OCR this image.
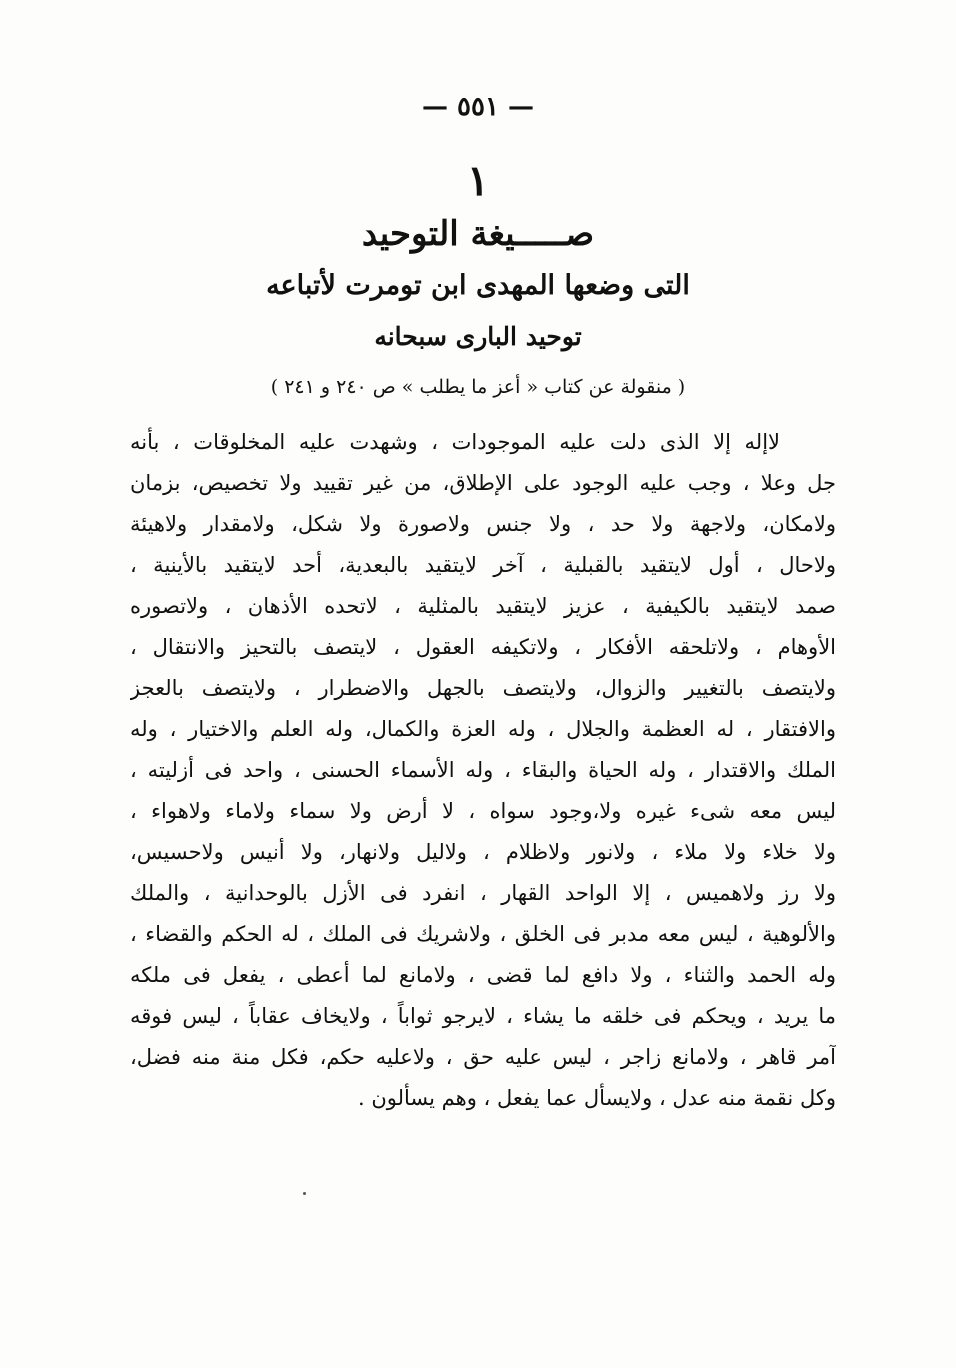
— ٥٥١ —
١
صـــــيغة التوحيد
التى وضعها المهدى ابن تومرت لأتباعه
توحيد البارى سبحانه
( منقولة عن كتاب « أعز ما يطلب » ص ٢٤٠ و ٢٤١ )
لاإله إلا الذى دلت عليه الموجودات ، وشهدت عليه المخلوقات ، بأنه
جل وعلا ، وجب عليه الوجود على الإطلاق، من غير تقييد ولا تخصيص، بزمان
ولامكان، ولاجهة ولا حد ، ولا جنس ولاصورة ولا شكل، ولامقدار ولاهيئة
ولاحال ، أول لايتقيد بالقبلية ، آخر لايتقيد بالبعدية، أحد لايتقيد بالأينية ،
صمد لايتقيد بالكيفية ، عزيز لايتقيد بالمثلية ، لاتحده الأذهان ، ولاتصوره
الأوهام ، ولاتلحقه الأفكار ، ولاتكيفه العقول ، لايتصف بالتحيز والانتقال ،
ولايتصف بالتغيير والزوال، ولايتصف بالجهل والاضطرار ، ولايتصف بالعجز
والافتقار ، له العظمة والجلال ، وله العزة والكمال، وله العلم والاختيار ، وله
الملك والاقتدار ، وله الحياة والبقاء ، وله الأسماء الحسنى ، واحد فى أزليته ،
ليس معه شىء غيره ولا،وجود سواه ، لا أرض ولا سماء ولاماء ولاهواء ،
ولا خلاء ولا ملاء ، ولانور ولاظلام ، ولاليل ولانهار، ولا أنيس ولاحسيس،
ولا رز ولاهميس ، إلا الواحد القهار ، انفرد فى الأزل بالوحدانية ، والملك
والألوهية ، ليس معه مدبر فى الخلق ، ولاشريك فى الملك ، له الحكم والقضاء ،
وله الحمد والثناء ، ولا دافع لما قضى ، ولامانع لما أعطى ، يفعل فى ملكه
ما يريد ، ويحكم فى خلقه ما يشاء ، لايرجو ثواباً ، ولايخاف عقاباً ، ليس فوقه
آمر قاهر ، ولامانع زاجر ، ليس عليه حق ، ولاعليه حكم، فكل منة منه فضل،
وكل نقمة منه عدل ، ولايسأل عما يفعل ، وهم يسألون .
